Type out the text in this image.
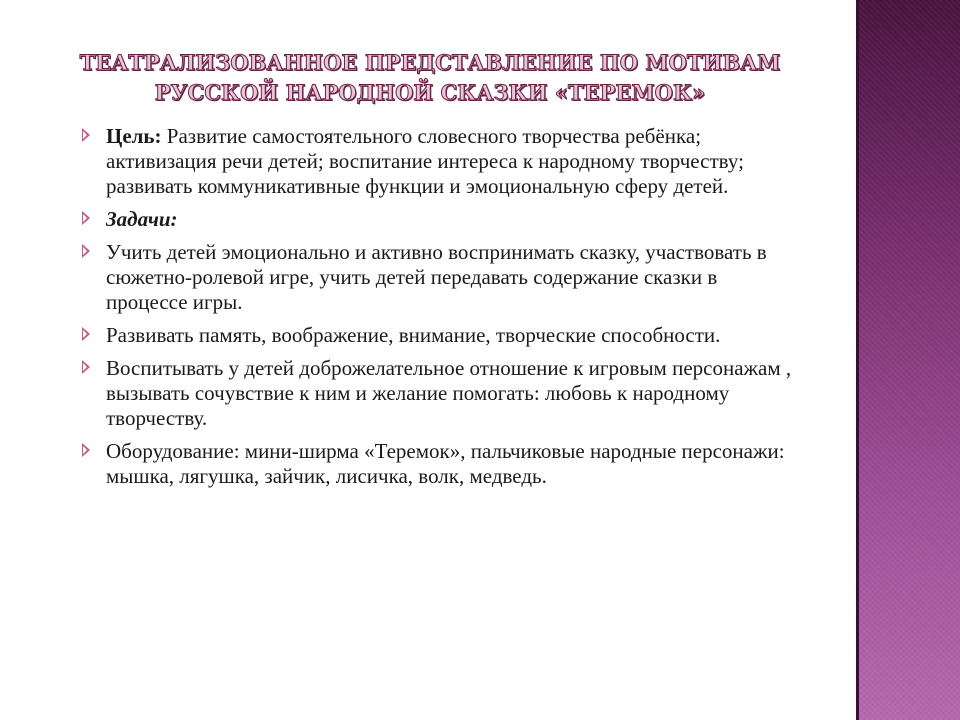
ТЕАТРАЛИЗОВАННОЕ ПРЕДСТАВЛЕНИЕ ПО МОТИВАМ
РУССКОЙ НАРОДНОЙ СКАЗКИ «ТЕРЕМОК»
Цель: Развитие самостоятельного словесного творчества ребёнка; активизация речи детей; воспитание интереса к народному творчеству; развивать коммуникативные функции и эмоциональную сферу детей.
Задачи:
Учить детей эмоционально и активно воспринимать сказку, участвовать в сюжетно-ролевой игре, учить детей передавать содержание сказки в процессе игры.
Развивать память, воображение, внимание, творческие способности.
Воспитывать у детей доброжелательное отношение к игровым персонажам , вызывать сочувствие к ним и желание помогать: любовь к народному творчеству.
Оборудование: мини-ширма «Теремок», пальчиковые народные персонажи: мышка, лягушка, зайчик, лисичка, волк, медведь.
